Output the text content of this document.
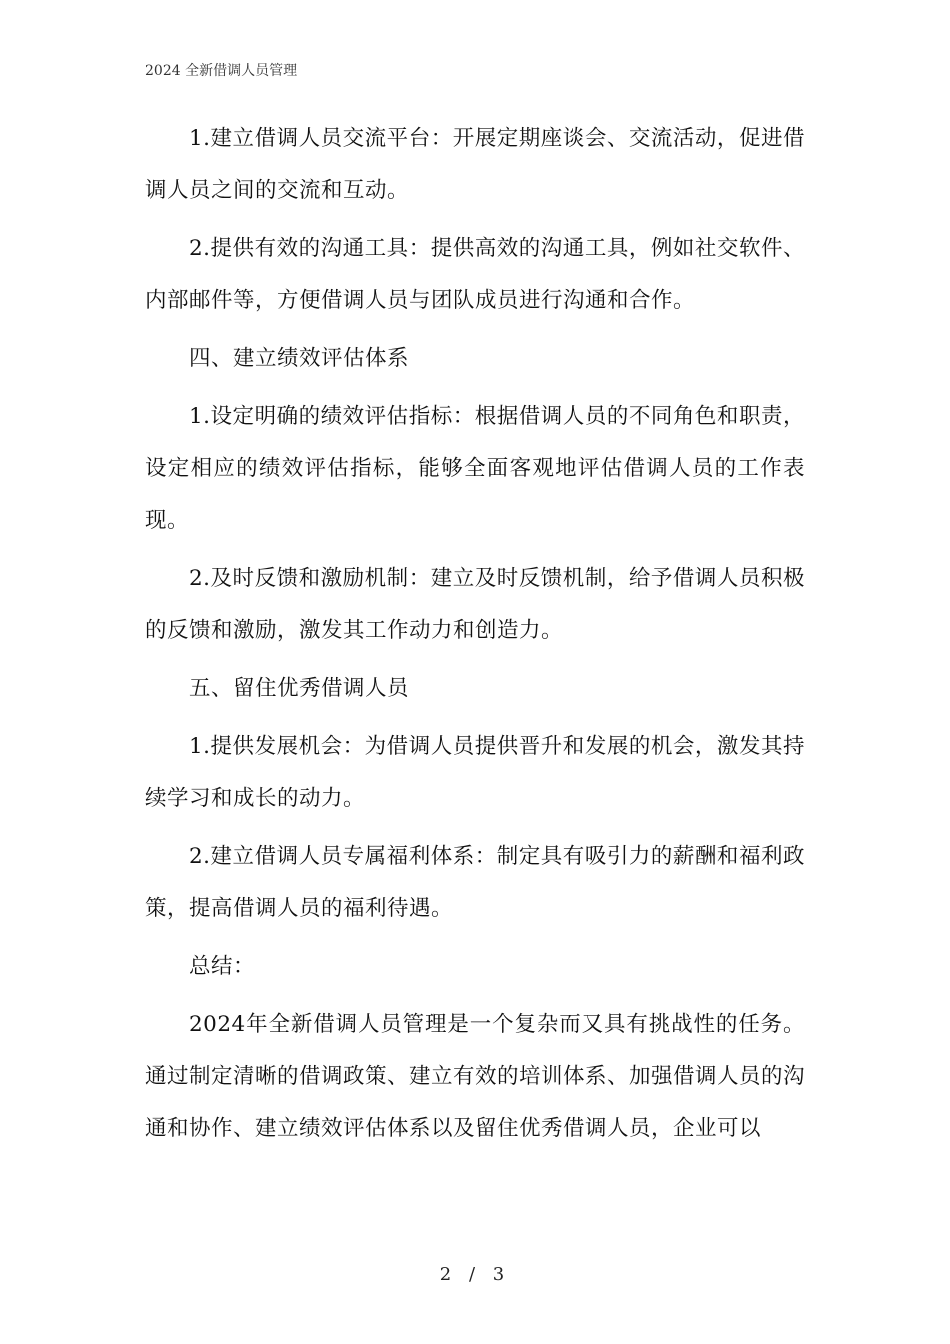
2024 全新借调人员管理

1.建立借调人员交流平台：开展定期座谈会、交流活动，促进借调人员之间的交流和互动。

2.提供有效的沟通工具：提供高效的沟通工具，例如社交软件、内部邮件等，方便借调人员与团队成员进行沟通和合作。

四、建立绩效评估体系

1.设定明确的绩效评估指标：根据借调人员的不同角色和职责，设定相应的绩效评估指标，能够全面客观地评估借调人员的工作表现。

2.及时反馈和激励机制：建立及时反馈机制，给予借调人员积极的反馈和激励，激发其工作动力和创造力。

五、留住优秀借调人员

1.提供发展机会：为借调人员提供晋升和发展的机会，激发其持续学习和成长的动力。

2.建立借调人员专属福利体系：制定具有吸引力的薪酬和福利政策，提高借调人员的福利待遇。

总结：

2024年全新借调人员管理是一个复杂而又具有挑战性的任务。通过制定清晰的借调政策、建立有效的培训体系、加强借调人员的沟通和协作、建立绩效评估体系以及留住优秀借调人员，企业可以

2 / 3
